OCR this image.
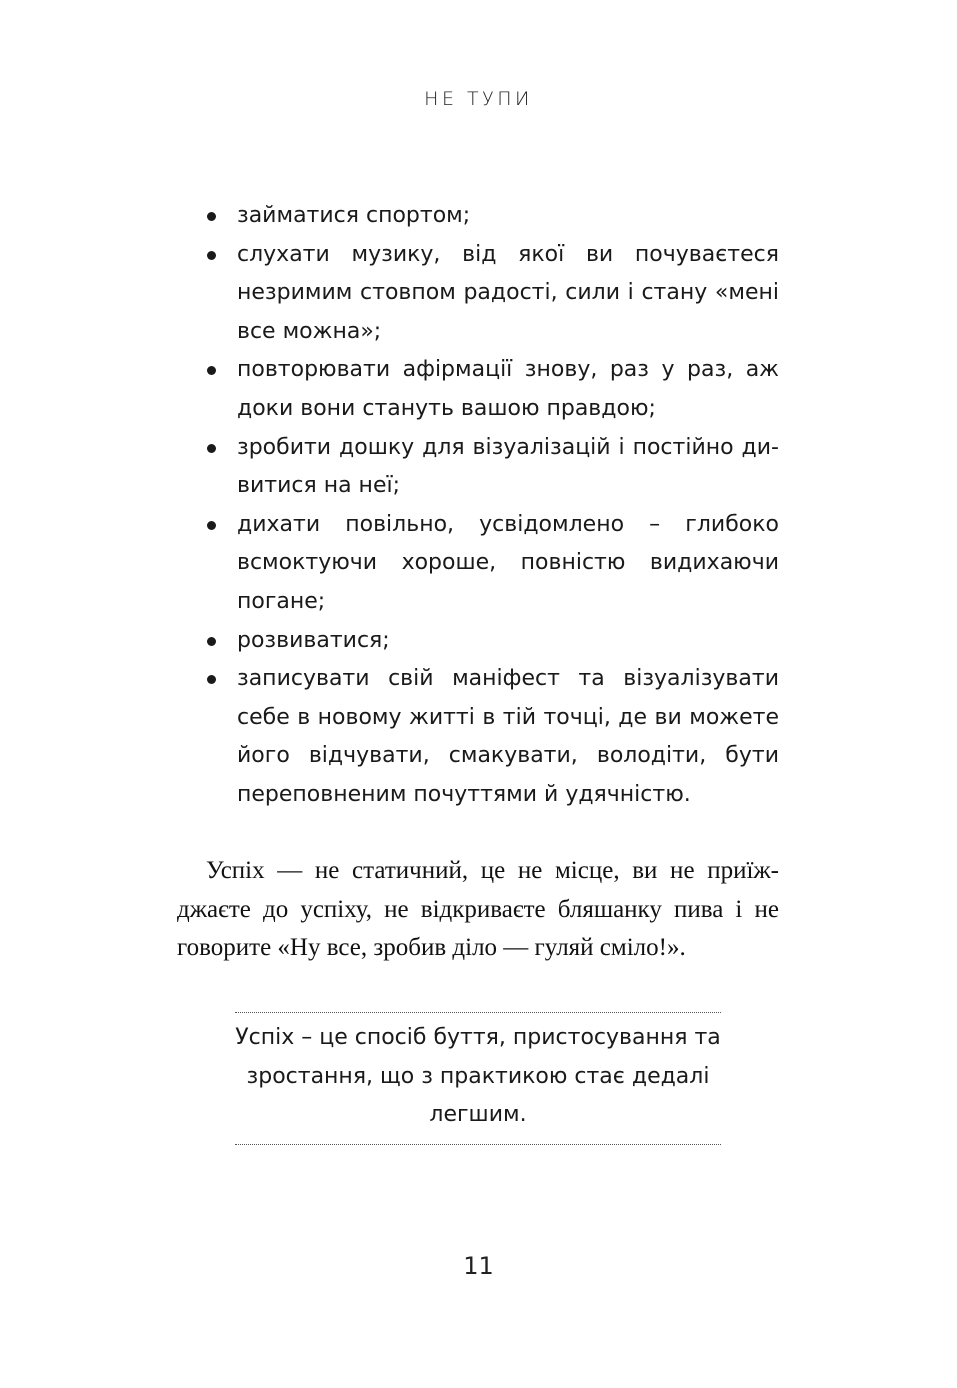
НЕ ТУПИ
займатися спортом;
слухати музику, від якої ви почуваєтеся незримим стовпом радості, сили і стану «мені все можна»;
повторювати афірмації знову, раз у раз, аж доки вони стануть вашою правдою;
зробити дошку для візуалізацій і постійно дивитися на неї;
дихати повільно, усвідомлено – глибоко всмоктуючи хороше, повністю видихаючи погане;
розвиватися;
записувати свій маніфест та візуалізувати себе в новому житті в тій точці, де ви можете його відчувати, смакувати, володіти, бути переповненим почуттями й удячністю.

Успіх — не статичний, це не місце, ви не приїжджаєте до успіху, не відкриваєте бляшанку пива і не говорите «Ну все, зробив діло — гуляй сміло!».

Успіх – це спосіб буття, пристосування та зростання, що з практикою стає дедалі легшим.

11
